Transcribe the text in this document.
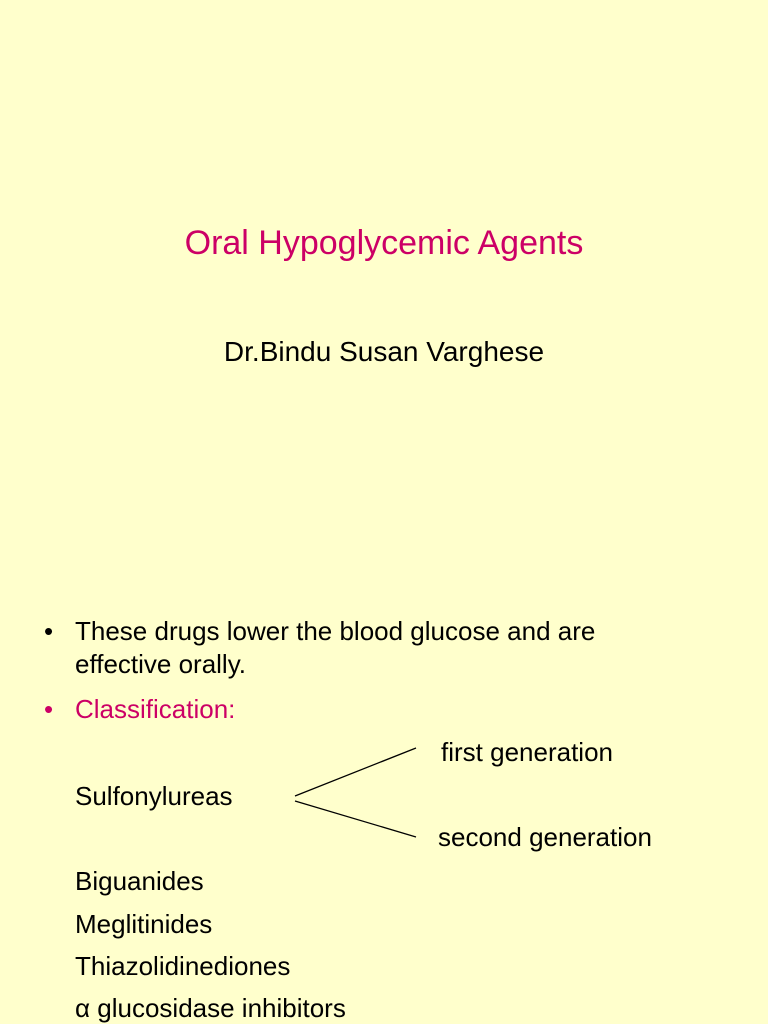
Oral Hypoglycemic Agents

Dr.Bindu Susan Varghese

• These drugs lower the blood glucose and are

effective orally.

• Classification:

first generation

Sulfonylureas

second generation

Biguanides

Meglitinides

Thiazolidinediones

α glucosidase inhibitors
